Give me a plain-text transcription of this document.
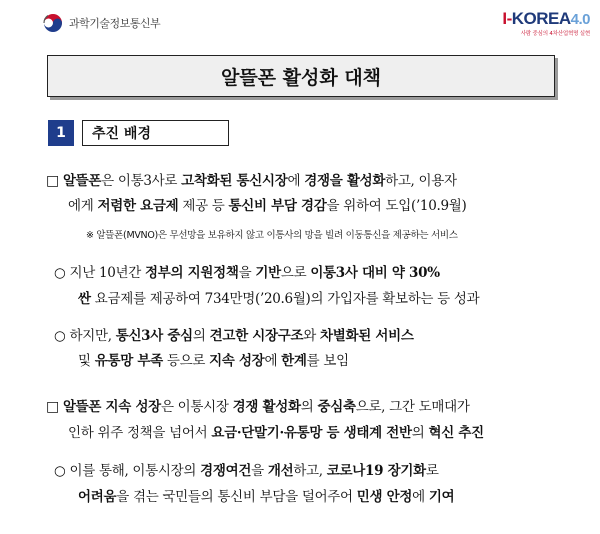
과학기술정보통신부	I-KOREA4.0
사람 중심의 4차산업혁명 실현
알뜰폰 활성화 대책
1	추진 배경
□ 알뜰폰은 이통3사로 고착화된 통신시장에 경쟁을 활성화하고, 이용자
에게 저렴한 요금제 제공 등 통신비 부담 경감을 위하여 도입(’10.9월)
※ 알뜰폰(MVNO)은 무선망을 보유하지 않고 이통사의 망을 빌려 이동통신을 제공하는 서비스
○ 지난 10년간 정부의 지원정책을 기반으로 이통3사 대비 약 30%
싼 요금제를 제공하여 734만명(’20.6월)의 가입자를 확보하는 등 성과
○ 하지만, 통신3사 중심의 견고한 시장구조와 차별화된 서비스
및 유통망 부족 등으로 지속 성장에 한계를 보임
□ 알뜰폰 지속 성장은 이통시장 경쟁 활성화의 중심축으로, 그간 도매대가
인하 위주 정책을 넘어서 요금·단말기·유통망 등 생태계 전반의 혁신 추진
○ 이를 통해, 이통시장의 경쟁여건을 개선하고, 코로나19 장기화로
어려움을 겪는 국민들의 통신비 부담을 덜어주어 민생 안정에 기여
